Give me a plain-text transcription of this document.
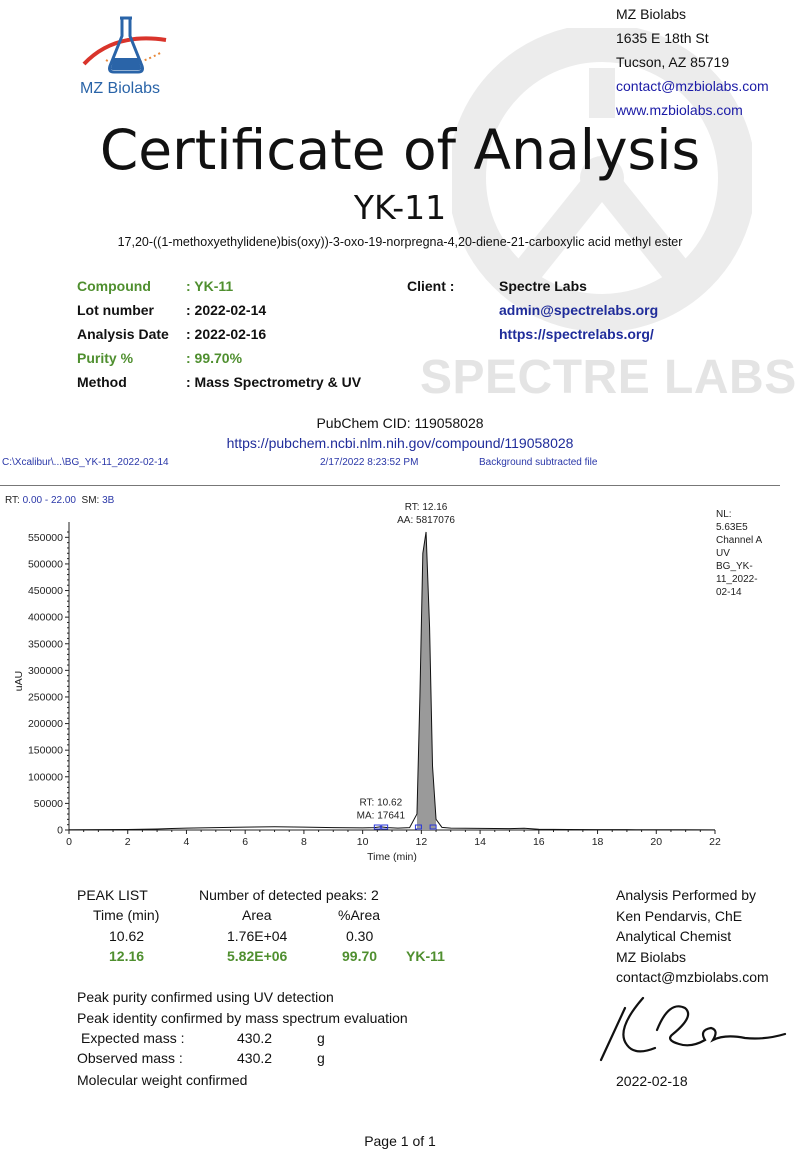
SPECTRE LABS
MZ Biolabs
MZ Biolabs
1635 E 18th St
Tucson, AZ 85719
contact@mzbiolabs.com
www.mzbiolabs.com
Certificate of Analysis
YK-11
17,20-((1-methoxyethylidene)bis(oxy))-3-oxo-19-norpregna-4,20-diene-21-carboxylic acid methyl ester
Compound	: YK-11
Lot number : 2022-02-14
Analysis Date : 2022-02-16
Purity %	: 99.70%
Method	: Mass Spectrometry & UV
Client :	Spectre Labs
admin@spectrelabs.org
https://spectrelabs.org/
PubChem CID: 119058028
https://pubchem.ncbi.nlm.nih.gov/compound/119058028
C:\Xcalibur\...\BG_YK-11_2022-02-14	2/17/2022 8:23:52 PM	Background subtracted file
RT: 0.00 - 22.00 SM: 3B
0
50000
100000
150000
200000
250000
300000
350000
400000
450000
500000
550000
0	2	4	6	8	10	12	14	16	18	20	22
Time (min)
uAU
RT: 12.16
AA: 5817076
RT: 10.62
MA: 17641
NL:
5.63E5
Channel A
UV
BG_YK-
11_2022-
02-14
PEAK LIST	Number of detected peaks: 2
Time (min)	Area	%Area
10.62	1.76E+04	0.30
12.16	5.82E+06	99.70 YK-11
Peak purity confirmed using UV detection
Peak identity confirmed by mass spectrum evaluation
Expected mass :	430.2	g
Observed mass :	430.2	g
Molecular weight confirmed
Analysis Performed by
Ken Pendarvis, ChE
Analytical Chemist
MZ Biolabs
contact@mzbiolabs.com
2022-02-18
Page 1 of 1
